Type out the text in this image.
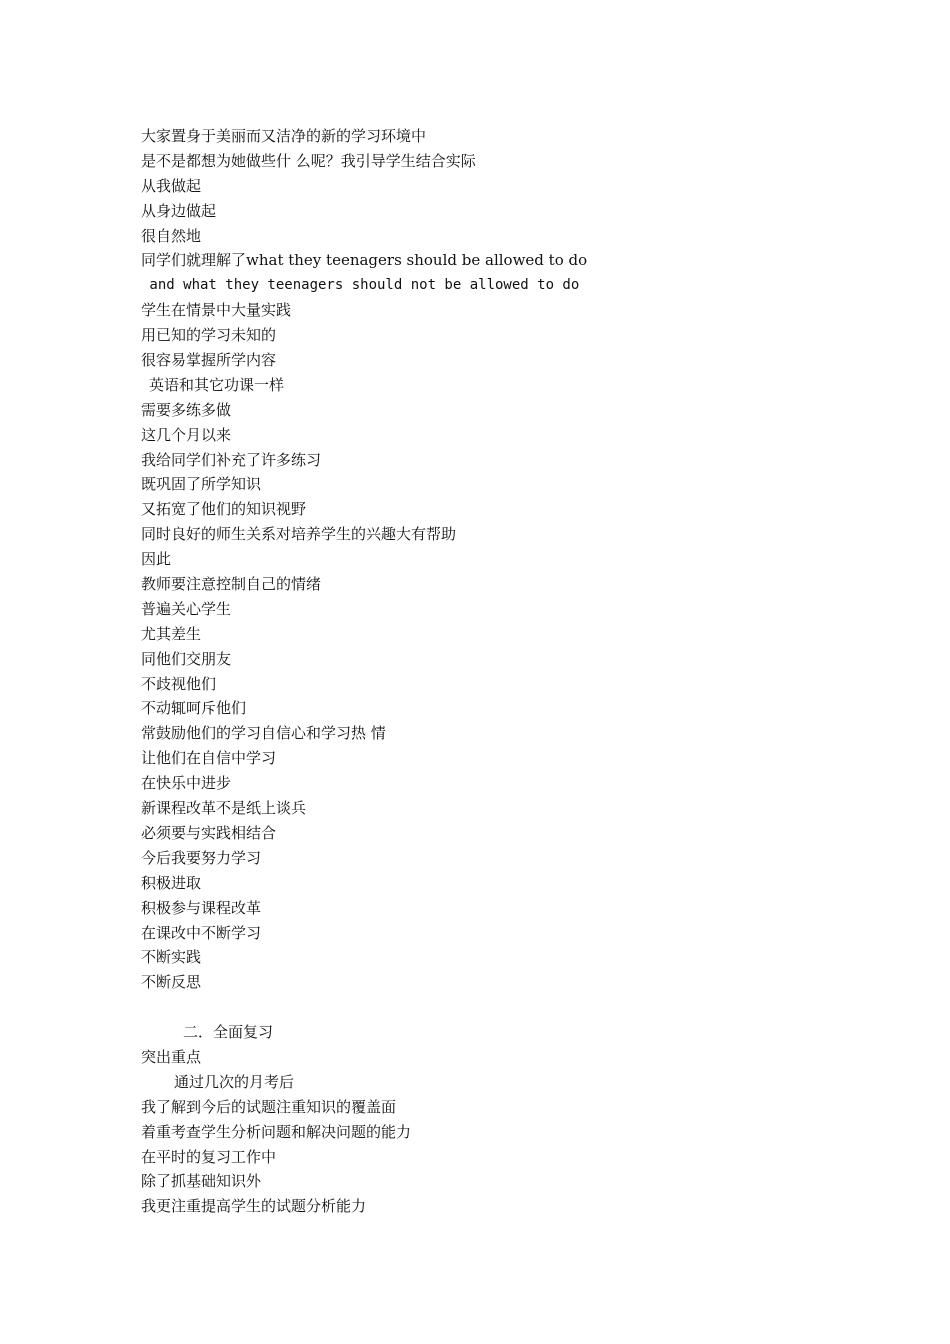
大家置身于美丽而又洁净的新的学习环境中
是不是都想为她做些什 么呢？我引导学生结合实际
从我做起
从身边做起
很自然地
同学们就理解了what they teenagers should be allowed to do
and what they teenagers should not be allowed to do
学生在情景中大量实践
用已知的学习未知的
很容易掌握所学内容
英语和其它功课一样
需要多练多做
这几个月以来
我给同学们补充了许多练习
既巩固了所学知识
又拓宽了他们的知识视野
同时良好的师生关系对培养学生的兴趣大有帮助
因此
教师要注意控制自己的情绪
普遍关心学生
尤其差生
同他们交朋友
不歧视他们
不动辄呵斥他们
常鼓励他们的学习自信心和学习热 情
让他们在自信中学习
在快乐中进步
新课程改革不是纸上谈兵
必须要与实践相结合
今后我要努力学习
积极进取
积极参与课程改革
在课改中不断学习
不断实践
不断反思
二．全面复习
突出重点
通过几次的月考后
我了解到今后的试题注重知识的覆盖面
着重考查学生分析问题和解决问题的能力
在平时的复习工作中
除了抓基础知识外
我更注重提高学生的试题分析能力
